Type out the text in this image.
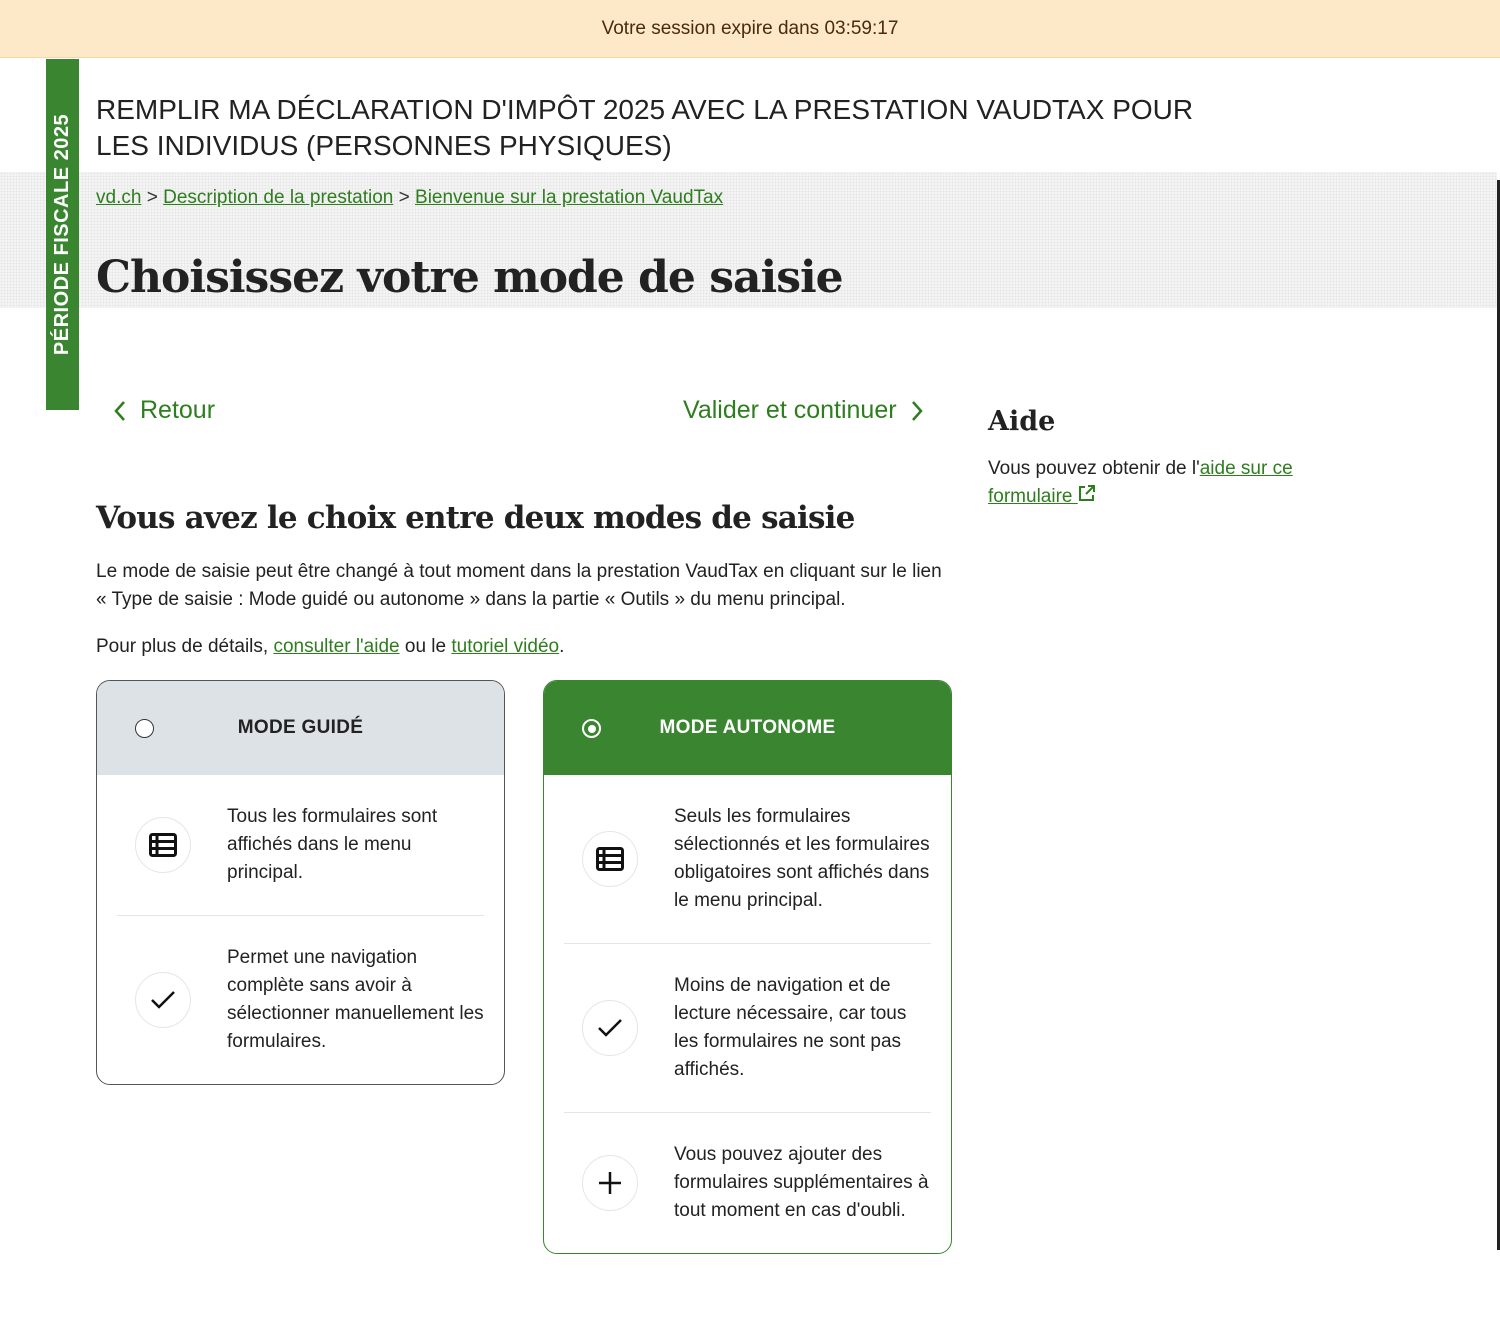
Votre session expire dans 03:59:17
PÉRIODE FISCALE 2025
REMPLIR MA DÉCLARATION D'IMPÔT 2025 AVEC LA PRESTATION VAUDTAX POUR LES INDIVIDUS (PERSONNES PHYSIQUES)
vd.ch > Description de la prestation > Bienvenue sur la prestation VaudTax
Choisissez votre mode de saisie
Retour	Valider et continuer
Vous avez le choix entre deux modes de saisie
Le mode de saisie peut être changé à tout moment dans la prestation VaudTax en cliquant sur le lien « Type de saisie : Mode guidé ou autonome » dans la partie « Outils » du menu principal.
Pour plus de détails, consulter l'aide ou le tutoriel vidéo.
MODE GUIDÉ
Tous les formulaires sont affichés dans le menu principal.
Permet une navigation complète sans avoir à sélectionner manuellement les formulaires.
MODE AUTONOME
Seuls les formulaires sélectionnés et les formulaires obligatoires sont affichés dans le menu principal.
Moins de navigation et de lecture nécessaire, car tous les formulaires ne sont pas affichés.
Vous pouvez ajouter des formulaires supplémentaires à tout moment en cas d'oubli.
Aide
Vous pouvez obtenir de l'aide sur ce formulaire
